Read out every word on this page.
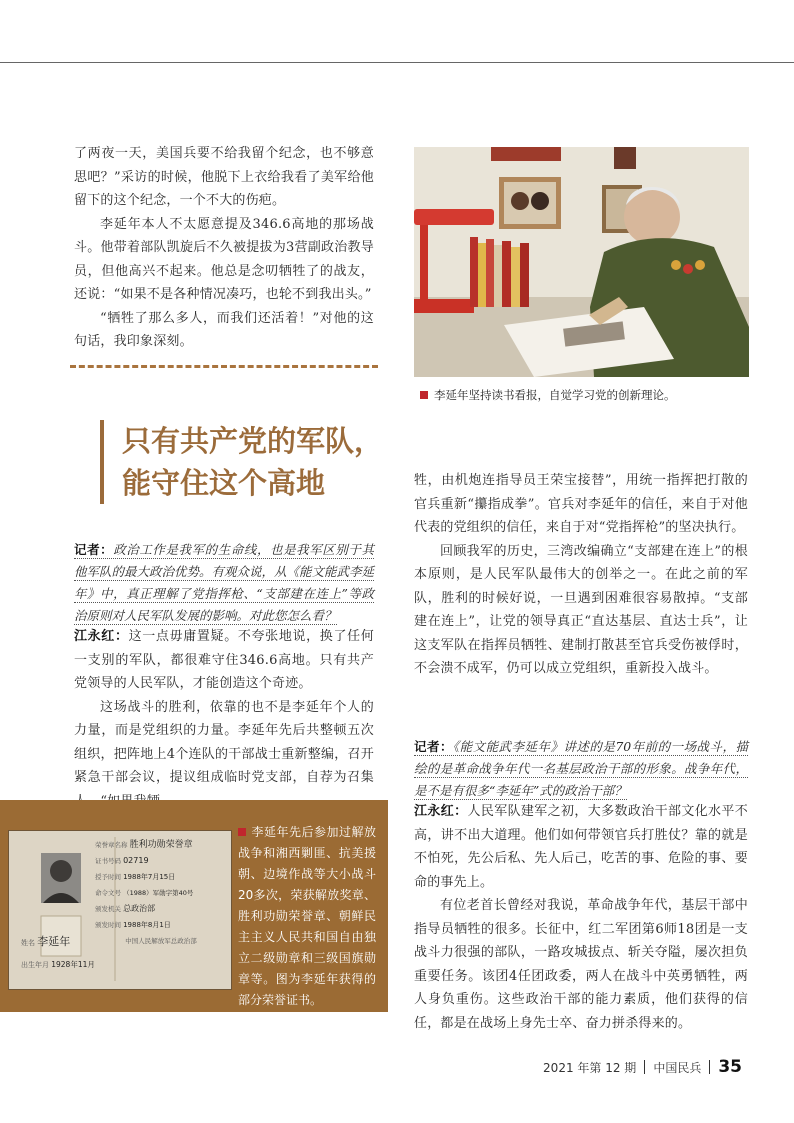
了两夜一天，美国兵要不给我留个纪念，也不够意思吧？”采访的时候，他脱下上衣给我看了美军给他留下的这个纪念，一个不大的伤疤。

李延年本人不太愿意提及346.6高地的那场战斗。他带着部队凯旋后不久被提拔为3营副政治教导员，但他高兴不起来。他总是念叨牺牲了的战友，还说：“如果不是各种情况凑巧，也轮不到我出头。”

“牺牲了那么多人，而我们还活着！”对他的这句话，我印象深刻。

只有共产党的军队，
能守住这个高地
记者：政治工作是我军的生命线，也是我军区别于其他军队的最大政治优势。有观众说，从《能文能武李延年》中，真正理解了党指挥枪、“支部建在连上”等政治原则对人民军队发展的影响。对此您怎么看？

江永红：这一点毋庸置疑。不夸张地说，换了任何一支别的军队，都很难守住346.6高地。只有共产党领导的人民军队，才能创造这个奇迹。

这场战斗的胜利，依靠的也不是李延年个人的力量，而是党组织的力量。李延年先后共整顿五次组织，把阵地上4个连队的干部战士重新整编，召开紧急干部会议，提议组成临时党支部，自荐为召集

李延年坚持读书看报，自觉学习党的创新理论。

牲，由机炮连指导员王荣宝接替”，用统一指挥把打散的官兵重新“攥指成拳”。官兵对李延年的信任，来自于对他代表的党组织的信任，来自于对“党指挥枪”的坚决执行。

回顾我军的历史，三湾改编确立“支部建在连上”的根本原则，是人民军队最伟大的创举之一。在此之前的军队，胜利的时候好说，一旦遇到困难很容易散掉。“支部建在连上”，让党的领导真正“直达基层、直达士兵”，让这支军队在指挥员牺牲、建制打散甚至官兵受伤被俘时，不会溃不成军，仍可以成立党组织，重新投入战斗。

记者：《能文能武李延年》讲述的是70年前的一场战斗，描绘的是革命战争年代一名基层政治干部的形象。战争年代，是不是有很多“李延年”式的政治干部？

江永红：人民军队建军之初，大多数政治干部文化水平不高，讲不出大道理。他们如何带领官兵打胜仗？靠的就是不怕死，先公后私、先人后己，吃苦的事、危险的事、要命的事先上。

有位老首长曾经对我说，革命战争年代，基层干部中指导员牺牲的很多。长征中，红二军团第6师18团是一支战斗力很强的部队，一路攻城拔点、斩关夺隘，屡次担负重要任务。该团4任团政委，两人在战斗中英勇牺牲，两人身负重伤。这些政治干部的能力素质，他们获得的信任，都是在战场上身先士卒、奋力拼杀得来的。

荣誉章名称 胜利功勋荣誉章
证书号码 02719
授予时间 1988年7月15日
命令文号 （1988）军勋字第40号
颁发机关 总政治部
颁发时间 1988年8月1日
中国人民解放军总政治部
姓名 李延年
出生年月 1928年11月
李延年先后参加过解放战争和湘西剿匪、抗美援朝、边境作战等大小战斗20多次，荣获解放奖章、胜利功勋荣誉章、朝鲜民主主义人民共和国自由独立二级勋章和三级国旗勋章等。图为李延年获得的部分荣誉证书。
2021 年第 12 期 中国民兵 35
